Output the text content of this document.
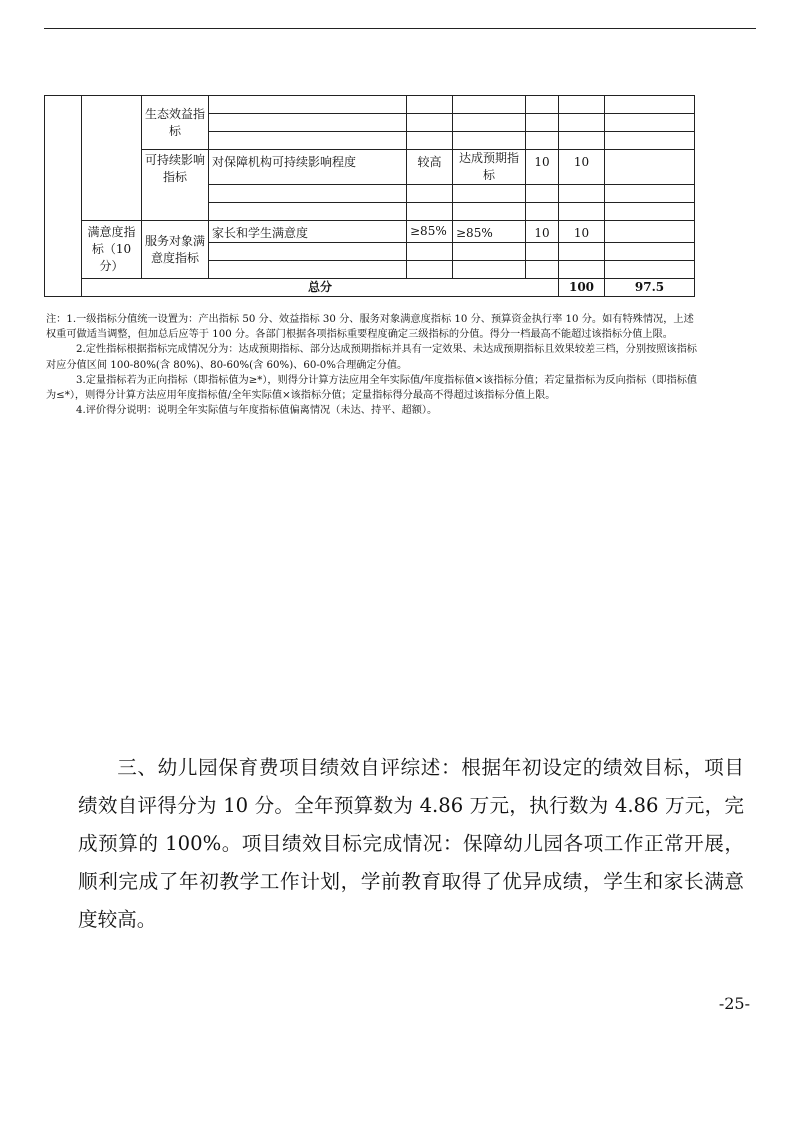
		生态效益指标							

		可持续影响指标	对保障机构可持续影响程度	较高	达成预期指标	10	10		

	满意度指标（10分）	服务对象满意度指标	家长和学生满意度	≥85%	≥85%	10	10		

	总分						100	97.5	

注：1.一级指标分值统一设置为：产出指标 50 分、效益指标 30 分、服务对象满意度指标 10 分、预算资金执行率 10 分。如有特殊情况，上述权重可做适当调整，但加总后应等于 100 分。各部门根据各项指标重要程度确定三级指标的分值。得分一档最高不能超过该指标分值上限。

2.定性指标根据指标完成情况分为：达成预期指标、部分达成预期指标并具有一定效果、未达成预期指标且效果较差三档，分别按照该指标对应分值区间 100-80%(含 80%)、80-60%(含 60%)、60-0%合理确定分值。

3.定量指标若为正向指标（即指标值为≥*），则得分计算方法应用全年实际值/年度指标值×该指标分值；若定量指标为反向指标（即指标值为≤*），则得分计算方法应用年度指标值/全年实际值×该指标分值；定量指标得分最高不得超过该指标分值上限。

4.评价得分说明：说明全年实际值与年度指标值偏离情况（未达、持平、超额）。

三、幼儿园保育费项目绩效自评综述：根据年初设定的绩效目标，项目绩效自评得分为 10 分。全年预算数为 4.86 万元，执行数为 4.86 万元，完成预算的 100%。项目绩效目标完成情况：保障幼儿园各项工作正常开展，顺利完成了年初教学工作计划，学前教育取得了优异成绩，学生和家长满意度较高。

-25-
